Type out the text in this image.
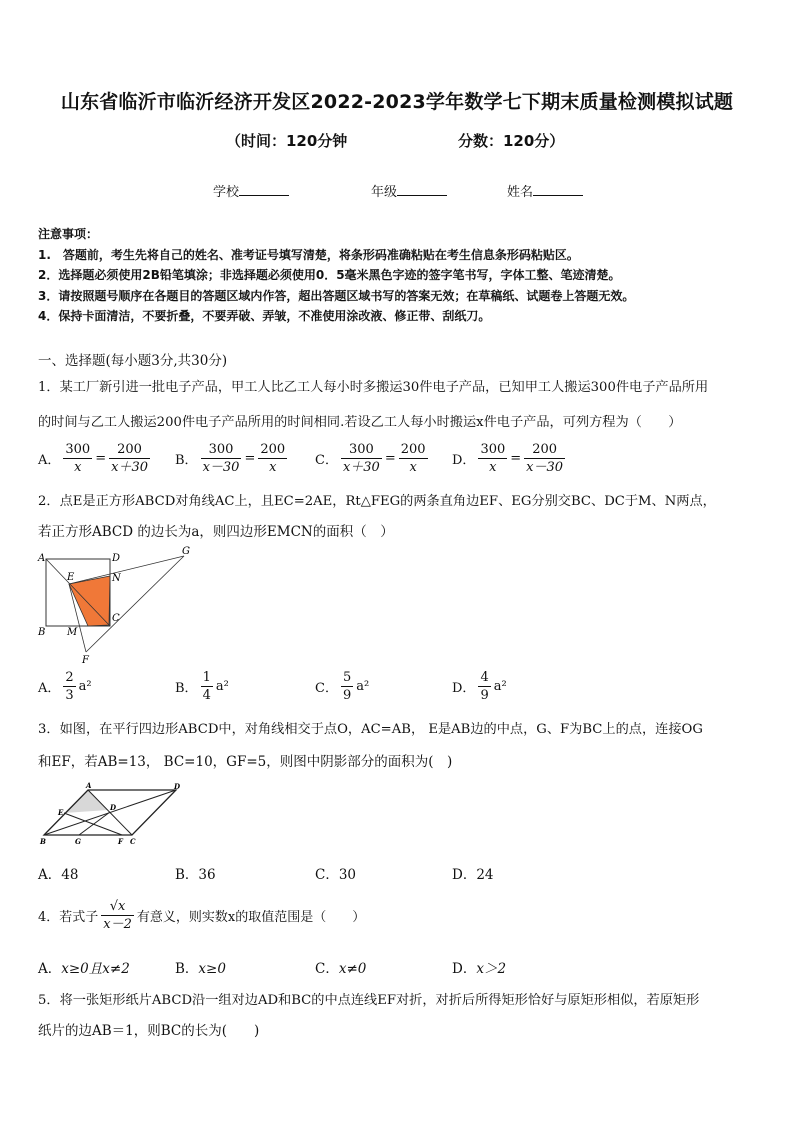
山东省临沂市临沂经济开发区2022-2023学年数学七下期末质量检测模拟试题
（时间：120分钟	分数：120分）
学校	年级	姓名
注意事项：
1.　答题前，考生先将自己的姓名、准考证号填写清楚，将条形码准确粘贴在考生信息条形码粘贴区。
2．选择题必须使用2B铅笔填涂；非选择题必须使用0．5毫米黑色字迹的签字笔书写，字体工整、笔迹清楚。
3．请按照题号顺序在各题目的答题区域内作答，超出答题区域书写的答案无效；在草稿纸、试题卷上答题无效。
4．保持卡面清洁，不要折叠，不要弄破、弄皱，不准使用涂改液、修正带、刮纸刀。
一、选择题(每小题3分,共30分)
1．某工厂新引进一批电子产品，甲工人比乙工人每小时多搬运30件电子产品，已知甲工人搬运300件电子产品所用
的时间与乙工人搬运200件电子产品所用的时间相同.若设乙工人每小时搬运x件电子产品，可列方程为（　　）
A． $\frac{300}{x} = \frac{200}{x+30}$ B． $\frac{300}{x-30} = \frac{200}{x}$ C． $\frac{300}{x+30} = \frac{200}{x}$ D． $\frac{300}{x} = \frac{200}{x-30}$
2．点E是正方形ABCD对角线AC上，且EC=2AE，Rt△FEG的两条直角边EF、EG分别交BC、DC于M、N两点，
若正方形ABCD 的边长为a，则四边形EMCN的面积（　）
A	D
G
E	N
C
B M
F
A． $\frac{2}{3} a^2$	B． $\frac{1}{4} a^2$	C． $\frac{5}{9} a^2$	D． $\frac{4}{9} a^2$
3．如图，在平行四边形ABCD中，对角线相交于点O，AC=AB， E是AB边的中点，G、F为BC上的点，连接OG
和EF，若AB=13， BC=10，GF=5，则图中阴影部分的面积为(　)
A	D
E
D
B	G	F C
A．48	B．36	C．30	D．24
4．若式子 $\frac{√x}{x-2}$ 有意义，则实数x的取值范围是（　　）
A．x≥0且x≠2	B．x≥0	C．x≠0	D．x＞2
5．将一张矩形纸片ABCD沿一组对边AD和BC的中点连线EF对折，对折后所得矩形恰好与原矩形相似，若原矩形
纸片的边AB＝1，则BC的长为(　　)
